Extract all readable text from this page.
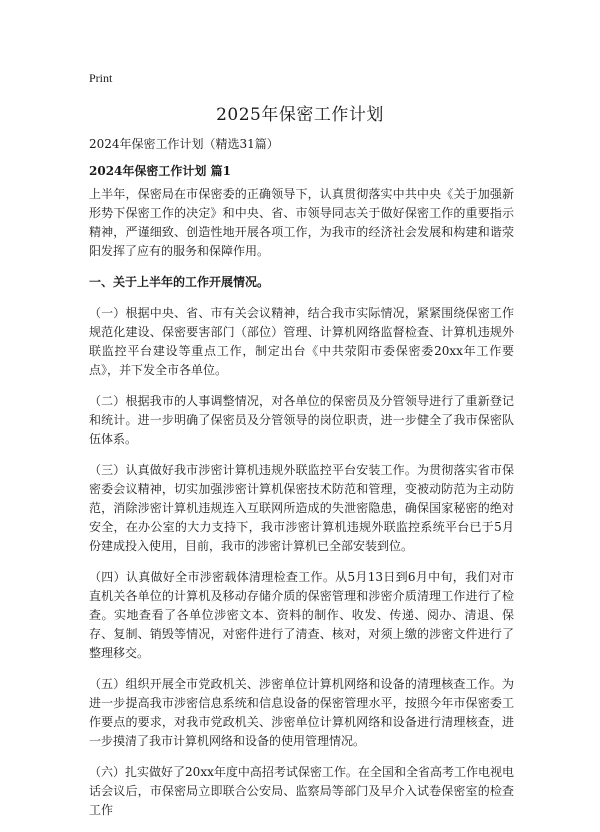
Print
2025年保密工作计划

2024年保密工作计划（精选31篇）

2024年保密工作计划 篇1

上半年，保密局在市保密委的正确领导下，认真贯彻落实中共中央《关于加强新形势下保密工作的决定》和中央、省、市领导同志关于做好保密工作的重要指示精神，严谨细致、创造性地开展各项工作，为我市的经济社会发展和构建和谐荥阳发挥了应有的服务和保障作用。

一、关于上半年的工作开展情况。

（一）根据中央、省、市有关会议精神，结合我市实际情况，紧紧围绕保密工作规范化建设、保密要害部门（部位）管理、计算机网络监督检查、计算机违规外联监控平台建设等重点工作，制定出台《中共荥阳市委保密委20xx年工作要点》，并下发全市各单位。

（二）根据我市的人事调整情况，对各单位的保密员及分管领导进行了重新登记和统计。进一步明确了保密员及分管领导的岗位职责，进一步健全了我市保密队伍体系。

（三）认真做好我市涉密计算机违规外联监控平台安装工作。为贯彻落实省市保密委会议精神，切实加强涉密计算机保密技术防范和管理，变被动防范为主动防范，消除涉密计算机违规连入互联网所造成的失泄密隐患，确保国家秘密的绝对安全，在办公室的大力支持下，我市涉密计算机违规外联监控系统平台已于5月份建成投入使用，目前，我市的涉密计算机已全部安装到位。

（四）认真做好全市涉密载体清理检查工作。从5月13日到6月中旬，我们对市直机关各单位的计算机及移动存储介质的保密管理和涉密介质清理工作进行了检查。实地查看了各单位涉密文本、资料的制作、收发、传递、阅办、清退、保存、复制、销毁等情况，对密件进行了清查、核对，对须上缴的涉密文件进行了整理移交。

（五）组织开展全市党政机关、涉密单位计算机网络和设备的清理核查工作。为进一步提高我市涉密信息系统和信息设备的保密管理水平，按照今年市保密委工作要点的要求，对我市党政机关、涉密单位计算机网络和设备进行清理核查，进一步摸清了我市计算机网络和设备的使用管理情况。

（六）扎实做好了20xx年度中高招考试保密工作。在全国和全省高考工作电视电话会议后，市保密局立即联合公安局、监察局等部门及早介入试卷保密室的检查工作
